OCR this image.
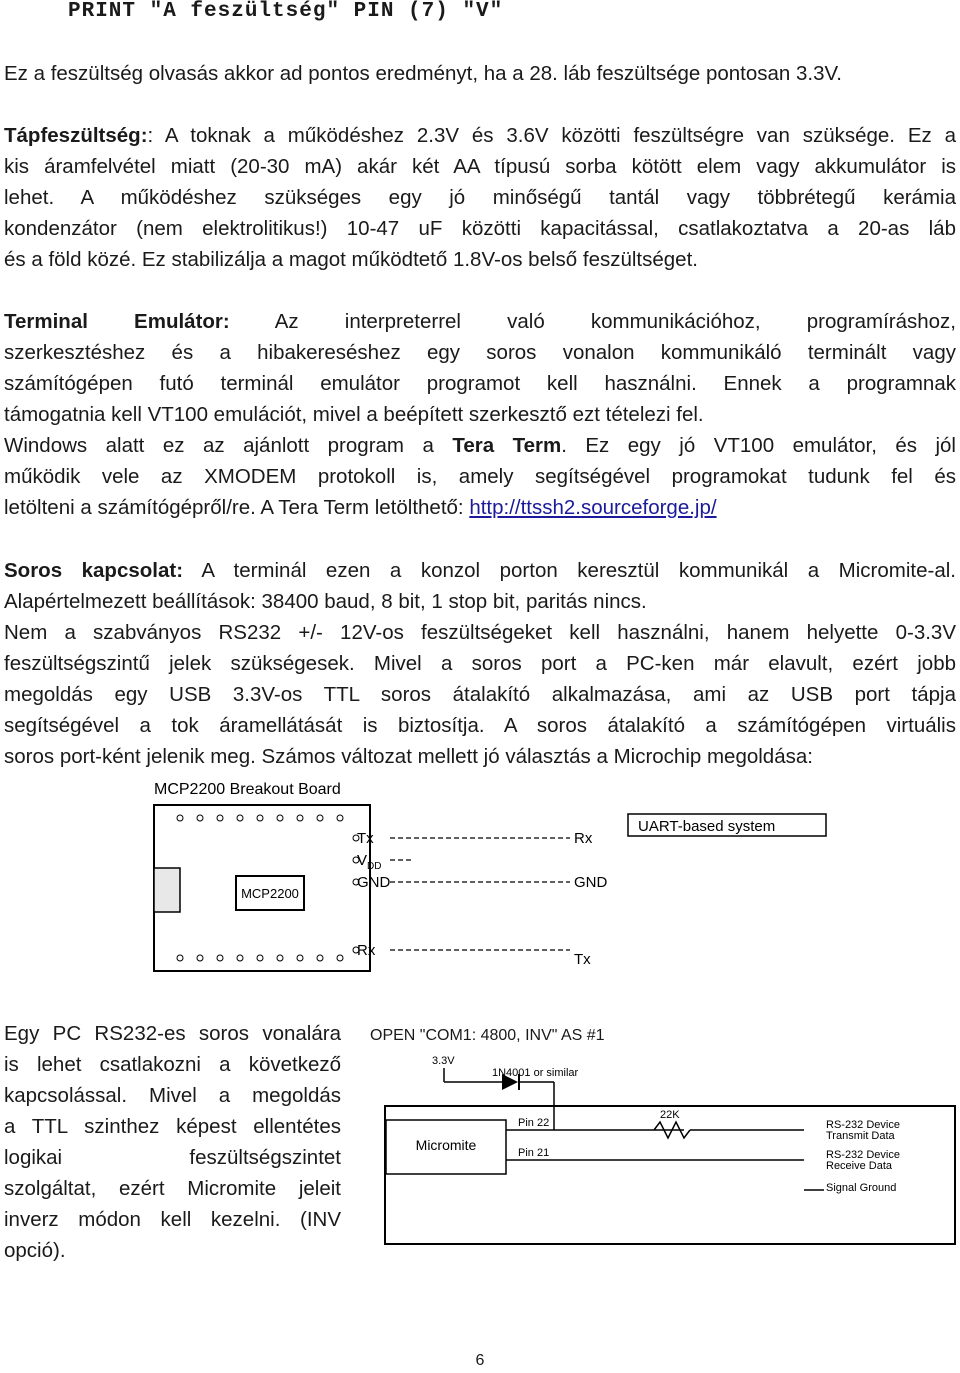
PRINT "A feszültség" PIN (7) "V"
Ez a feszültség olvasás akkor ad pontos eredményt, ha a 28. láb feszültsége pontosan 3.3V.
Tápfeszültség:: A toknak a működéshez 2.3V és 3.6V közötti feszültségre van szüksége. Ez a
kis áramfelvétel miatt (20-30 mA) akár két AA típusú sorba kötött elem vagy akkumulátor is
lehet. A működéshez szükséges egy jó minőségű tantál vagy többrétegű kerámia
kondenzátor (nem elektrolitikus!) 10-47 uF közötti kapacitással, csatlakoztatva a 20-as láb
és a föld közé. Ez stabilizálja a magot működtető 1.8V-os belső feszültséget.
Terminal Emulátor: Az interpreterrel való kommunikációhoz, programíráshoz,
szerkesztéshez és a hibakereséshez egy soros vonalon kommunikáló terminált vagy
számítógépen futó terminál emulátor programot kell használni. Ennek a programnak
támogatnia kell VT100 emulációt, mivel a beépített szerkesztő ezt tételezi fel.
Windows alatt ez az ajánlott program a Tera Term. Ez egy jó VT100 emulátor, és jól
működik vele az XMODEM protokoll is, amely segítségével programokat tudunk fel és
letölteni a számítógépről/re. A Tera Term letölthető: http://ttssh2.sourceforge.jp/
Soros kapcsolat: A terminál ezen a konzol porton keresztül kommunikál a Micromite-al.
Alapértelmezett beállítások: 38400 baud, 8 bit, 1 stop bit, paritás nincs.
Nem a szabványos RS232 +/- 12V-os feszültségeket kell használni, hanem helyette 0-3.3V
feszültségszintű jelek szükségesek. Mivel a soros port a PC-ken már elavult, ezért jobb
megoldás egy USB 3.3V-os TTL soros átalakító alkalmazása, ami az USB port tápja
segítségével a tok áramellátását is biztosítja. A soros átalakító a számítógépen virtuális
soros port-ként jelenik meg. Számos változat mellett jó választás a Microchip megoldása:
MCP2200 Breakout Board
MCP2200
Tx
$V_{DD}$
GND
Rx
Rx
GND
Tx
UART-based system
Egy PC RS232-es soros vonalára
is lehet csatlakozni a következő
kapcsolással. Mivel a megoldás
a TTL szinthez képest ellentétes
logikai feszültségszintet
szolgáltat, ezért Micromite jeleit
inverz módon kell kezelni. (INV
opció).
OPEN "COM1: 4800, INV" AS #1
3.3V
1N4001 or similar
Micromite
Pin 22
22K
Pin 21
RS-232 Device
Transmit Data
RS-232 Device
Receive Data
Signal Ground
6
